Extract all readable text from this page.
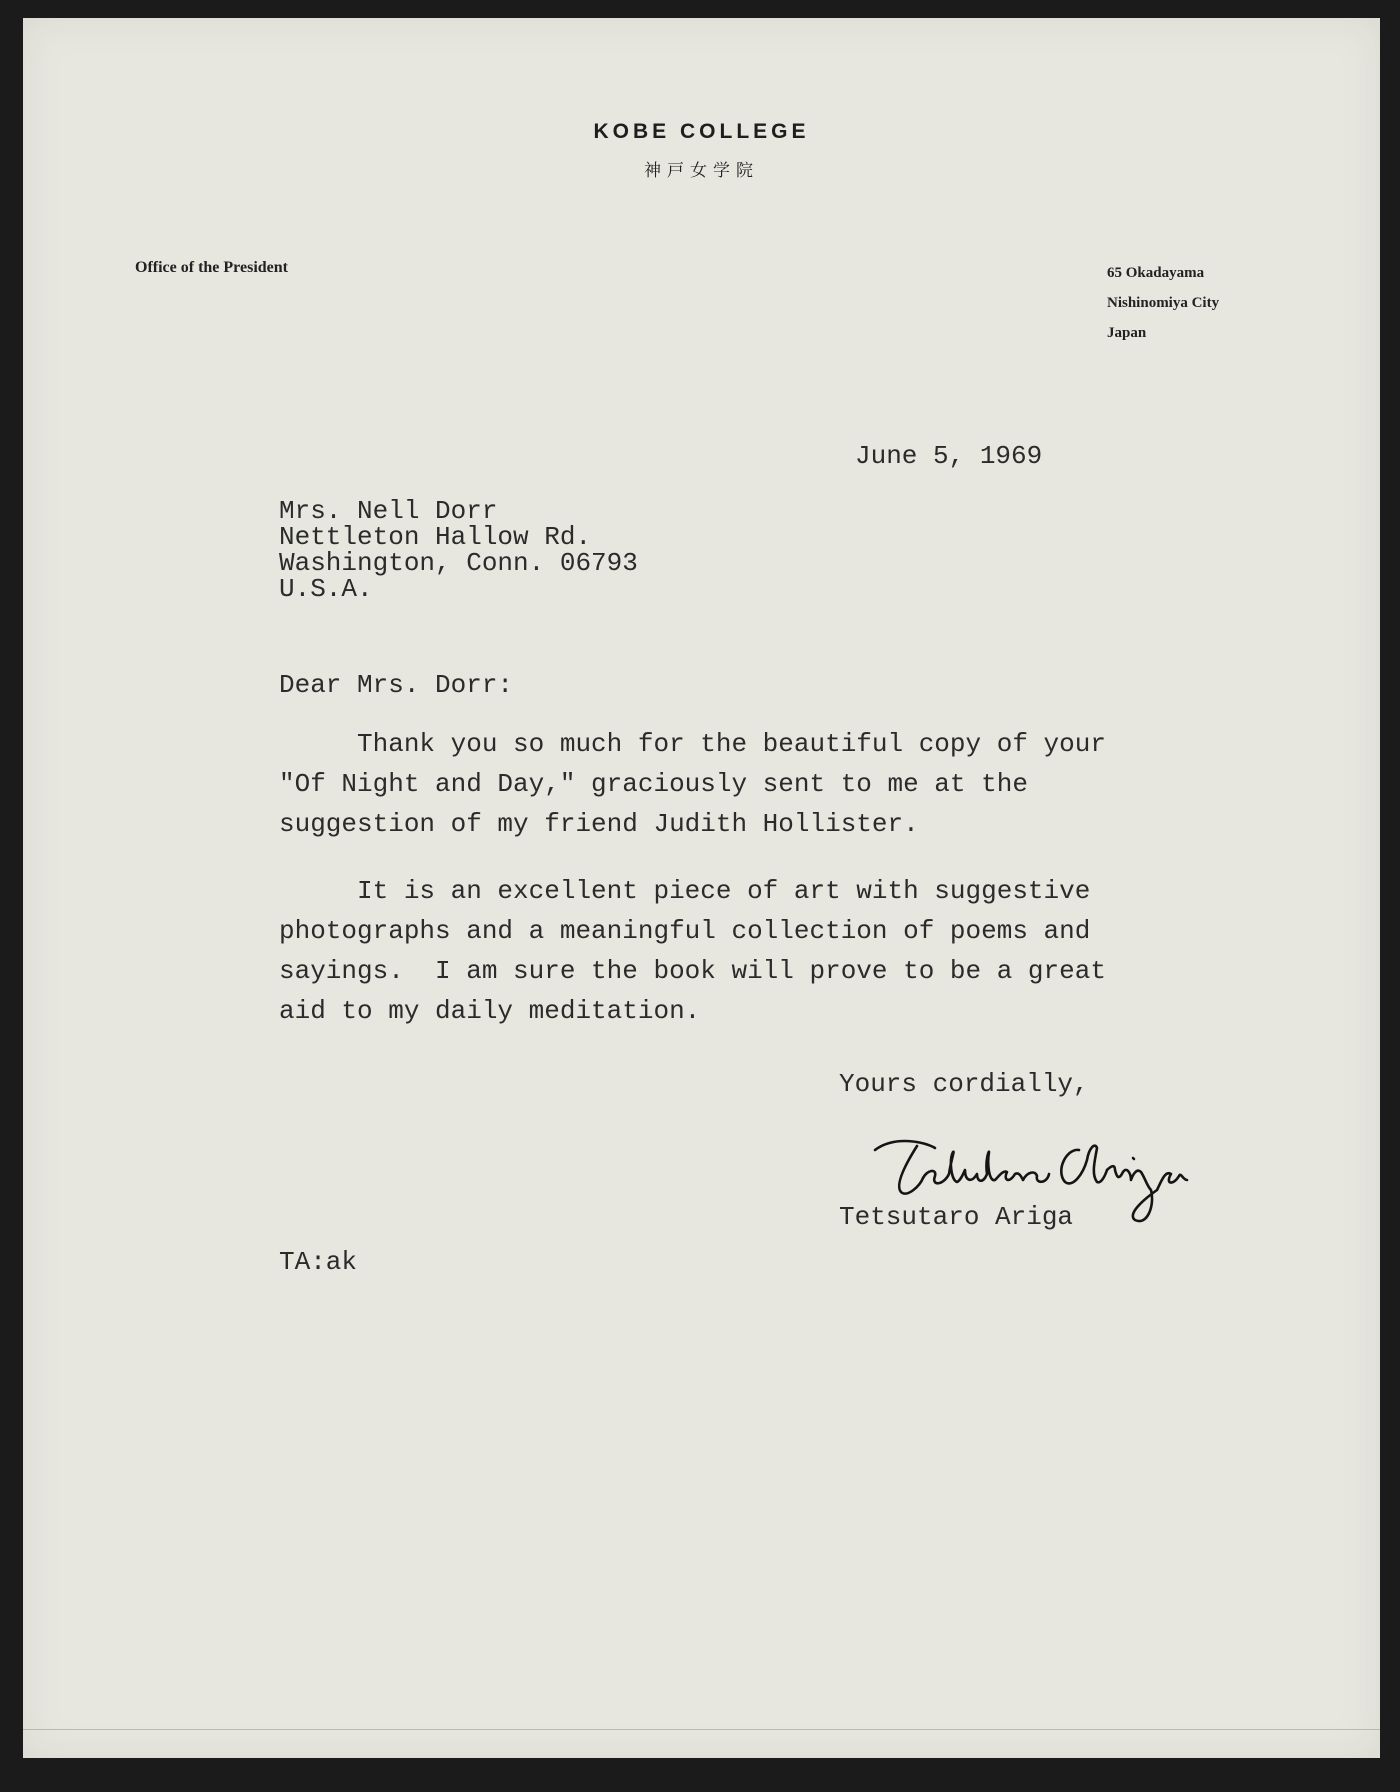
KOBE COLLEGE
神戸女学院
Office of the President	65 Okadayama
Nishinomiya City
Japan
June 5, 1969
Mrs. Nell Dorr
Nettleton Hallow Rd.
Washington, Conn. 06793
U.S.A.
Dear Mrs. Dorr:
Thank you so much for the beautiful copy of your
"Of Night and Day," graciously sent to me at the
suggestion of my friend Judith Hollister.
It is an excellent piece of art with suggestive
photographs and a meaningful collection of poems and
sayings.  I am sure the book will prove to be a great
aid to my daily meditation.
Yours cordially,
Tetsutaro Ariga
TA:ak
